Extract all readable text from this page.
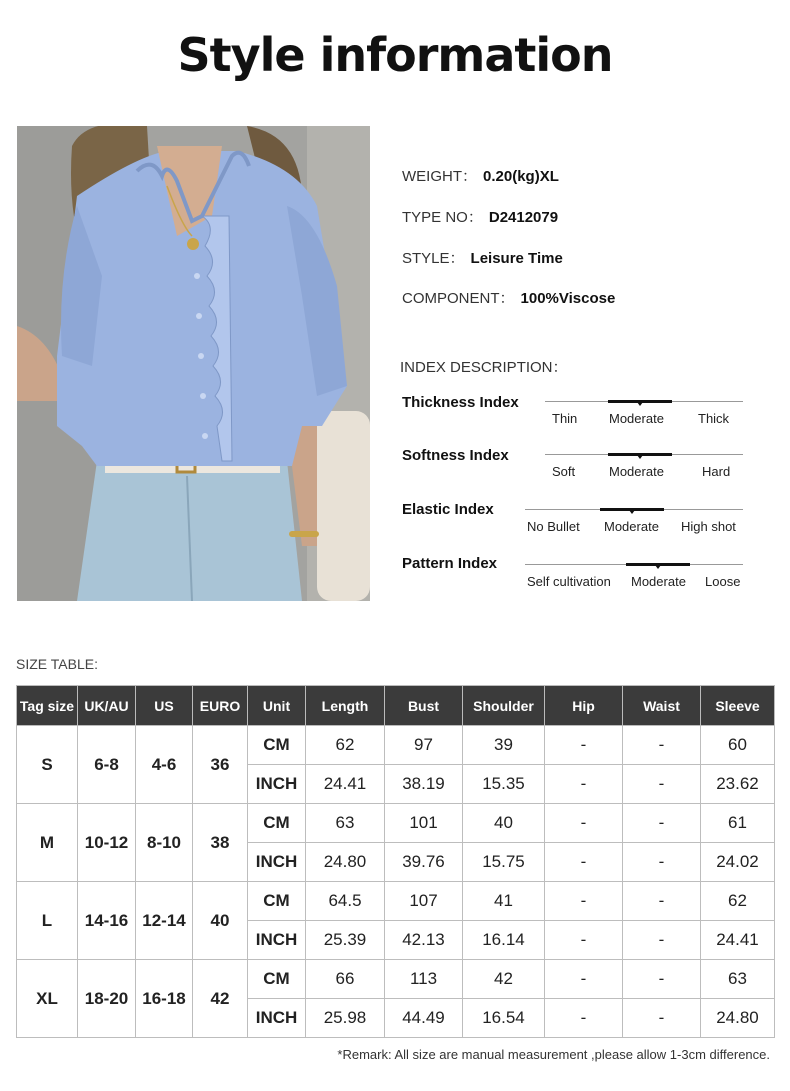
Style information
WEIGHT： 0.20(kg)XL
TYPE NO： D2412079
STYLE： Leisure Time
COMPONENT： 100%Viscose
INDEX DESCRIPTION：
Thickness Index
Thin Moderate	Thick
Softness Index
Soft	Moderate	Hard
Elastic Index
No Bullet Moderate High shot
Pattern Index
Self cultivation Moderate Loose
SIZE TABLE:
Tag size	UK/AU	US	EURO	Unit	Length	Bust	Shoulder	Hip	Waist	Sleeve
S	6-8	4-6	36	CM	62	97	39	-	-	60
				INCH	24.41	38.19	15.35	-	-	23.62
M	10-12	8-10	38	CM	63	101	40	-	-	61
				INCH	24.80	39.76	15.75	-	-	24.02
L	14-16	12-14	40	CM	64.5	107	41	-	-	62
				INCH	25.39	42.13	16.14	-	-	24.41
XL	18-20	16-18	42	CM	66	113	42	-	-	63
				INCH	25.98	44.49	16.54	-	-	24.80
*Remark: All size are manual measurement ,please allow 1-3cm difference.
